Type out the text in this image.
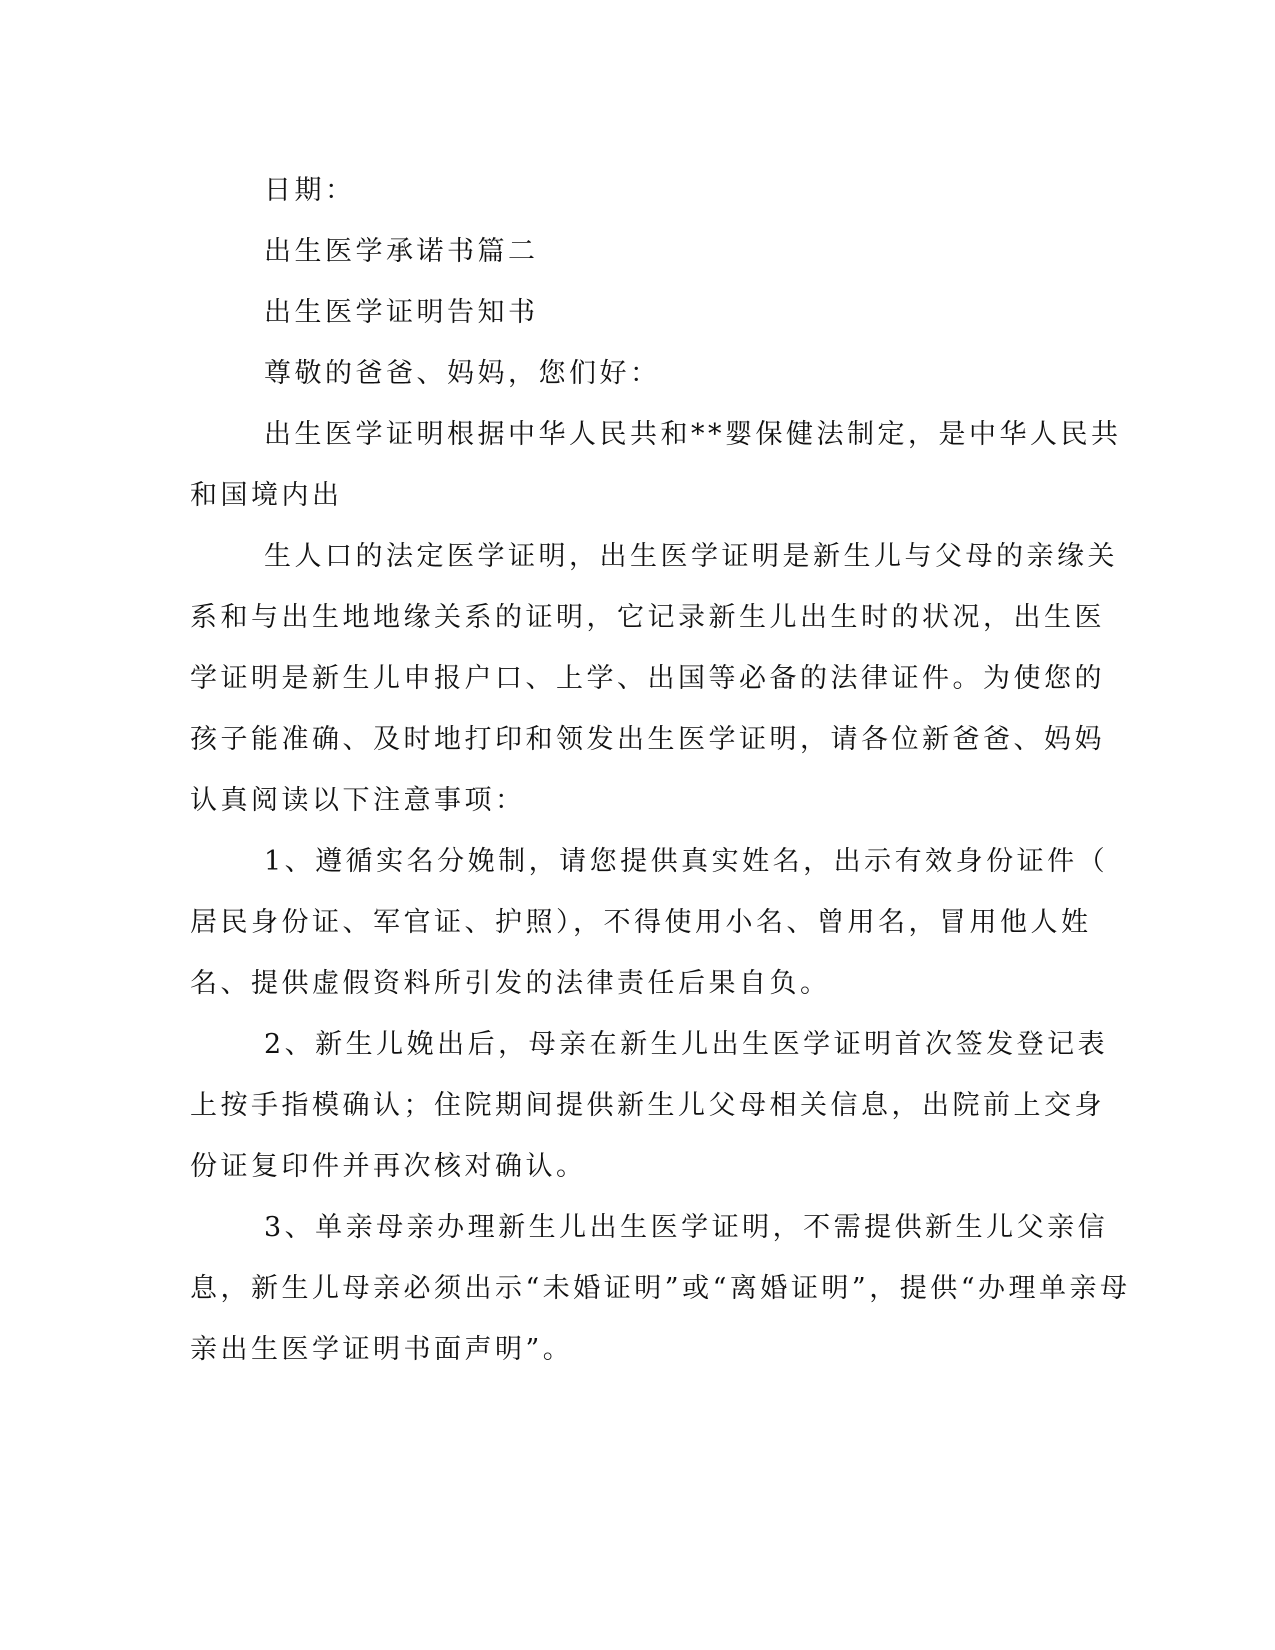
日期：
出生医学承诺书篇二
出生医学证明告知书
尊敬的爸爸、妈妈，您们好：
出生医学证明根据中华人民共和**婴保健法制定，是中华人民共
和国境内出
生人口的法定医学证明，出生医学证明是新生儿与父母的亲缘关
系和与出生地地缘关系的证明，它记录新生儿出生时的状况，出生医
学证明是新生儿申报户口、上学、出国等必备的法律证件。为使您的
孩子能准确、及时地打印和领发出生医学证明，请各位新爸爸、妈妈
认真阅读以下注意事项：
1、遵循实名分娩制，请您提供真实姓名，出示有效身份证件（
居民身份证、军官证、护照），不得使用小名、曾用名，冒用他人姓
名、提供虚假资料所引发的法律责任后果自负。
2、新生儿娩出后，母亲在新生儿出生医学证明首次签发登记表
上按手指模确认；住院期间提供新生儿父母相关信息，出院前上交身
份证复印件并再次核对确认。
3、单亲母亲办理新生儿出生医学证明，不需提供新生儿父亲信
息，新生儿母亲必须出示“未婚证明”或“离婚证明”，提供“办理单亲母
亲出生医学证明书面声明”。
